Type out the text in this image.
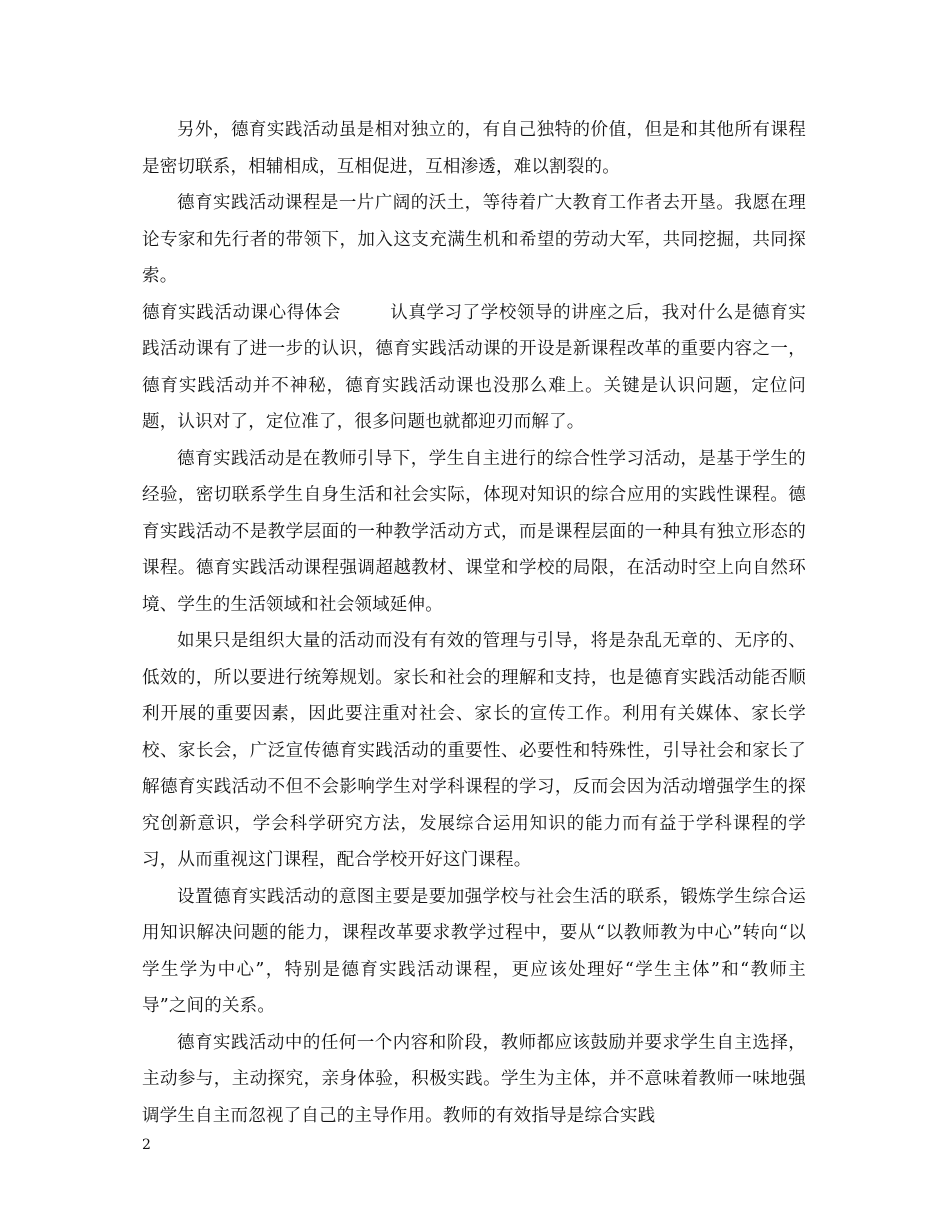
另外，德育实践活动虽是相对独立的，有自己独特的价值，但是和其他所有课程是密切联系，相辅相成，互相促进，互相渗透，难以割裂的。

德育实践活动课程是一片广阔的沃土，等待着广大教育工作者去开垦。我愿在理论专家和先行者的带领下，加入这支充满生机和希望的劳动大军，共同挖掘，共同探索。

德育实践活动课心得体会	认真学习了学校领导的讲座之后，我对什么是德育实践活动课有了进一步的认识，德育实践活动课的开设是新课程改革的重要内容之一，德育实践活动并不神秘，德育实践活动课也没那么难上。关键是认识问题，定位问题，认识对了，定位准了，很多问题也就都迎刃而解了。

德育实践活动是在教师引导下，学生自主进行的综合性学习活动，是基于学生的经验，密切联系学生自身生活和社会实际，体现对知识的综合应用的实践性课程。德育实践活动不是教学层面的一种教学活动方式，而是课程层面的一种具有独立形态的课程。德育实践活动课程强调超越教材、课堂和学校的局限，在活动时空上向自然环境、学生的生活领域和社会领域延伸。

如果只是组织大量的活动而没有有效的管理与引导，将是杂乱无章的、无序的、低效的，所以要进行统筹规划。家长和社会的理解和支持，也是德育实践活动能否顺利开展的重要因素，因此要注重对社会、家长的宣传工作。利用有关媒体、家长学校、家长会，广泛宣传德育实践活动的重要性、必要性和特殊性，引导社会和家长了解德育实践活动不但不会影响学生对学科课程的学习，反而会因为活动增强学生的探究创新意识，学会科学研究方法，发展综合运用知识的能力而有益于学科课程的学习，从而重视这门课程，配合学校开好这门课程。

设置德育实践活动的意图主要是要加强学校与社会生活的联系，锻炼学生综合运用知识解决问题的能力，课程改革要求教学过程中，要从“以教师教为中心”转向“以学生学为中心”，特别是德育实践活动课程，更应该处理好“学生主体”和“教师主导”之间的关系。

德育实践活动中的任何一个内容和阶段，教师都应该鼓励并要求学生自主选择，主动参与，主动探究，亲身体验，积极实践。学生为主体，并不意味着教师一味地强调学生自主而忽视了自己的主导作用。教师的有效指导是综合实践

2
